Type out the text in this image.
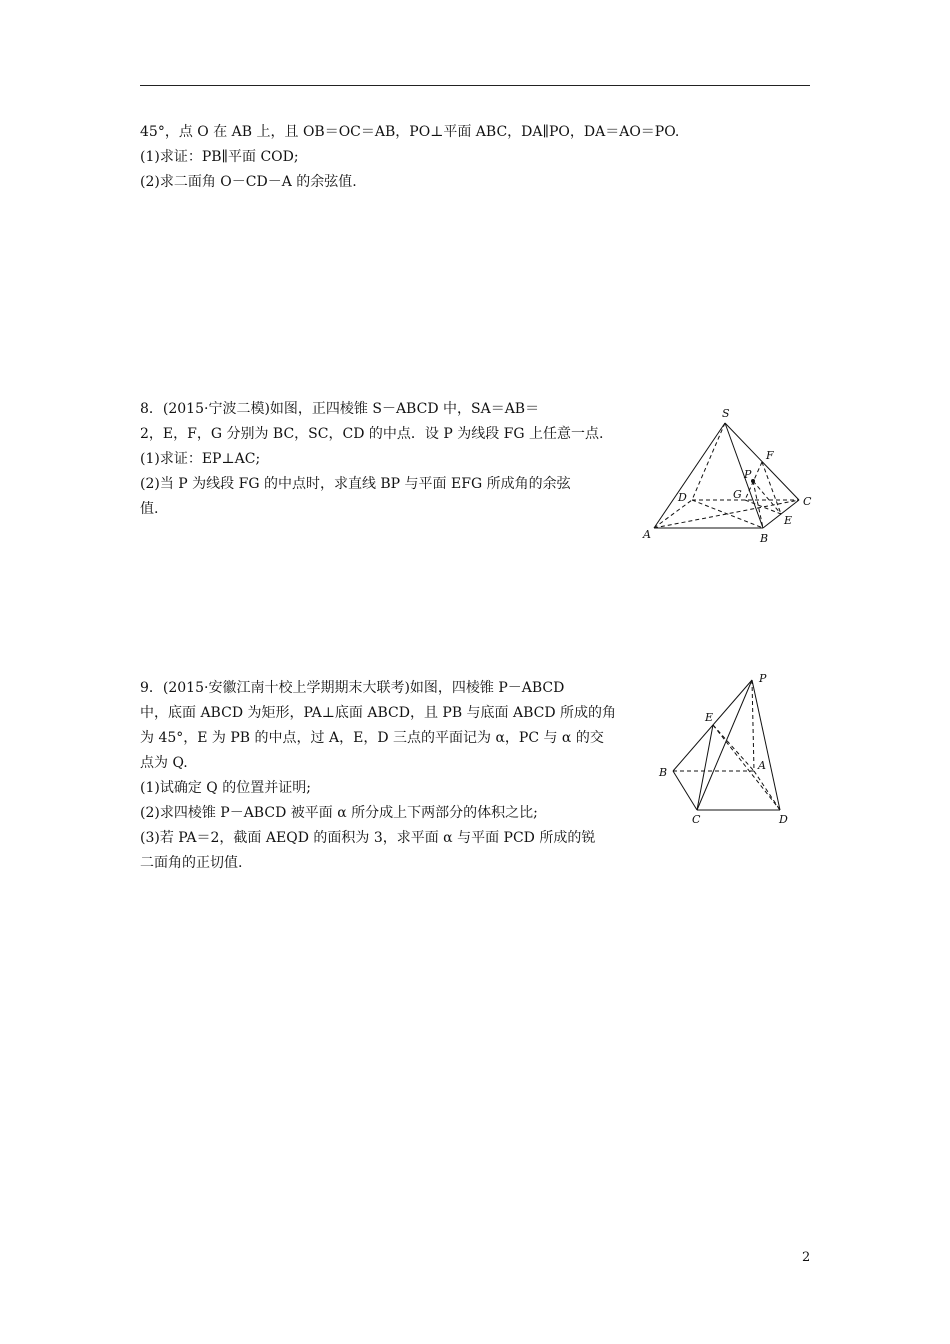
45°，点 O 在 AB 上，且 OB＝OC＝AB，PO⊥平面 ABC，DA∥PO，DA＝AO＝PO.

(1)求证：PB∥平面 COD;

(2)求二面角 O－CD－A 的余弦值.

8．(2015·宁波二模)如图，正四棱锥 S－ABCD 中，SA＝AB＝

2，E，F，G 分别为 BC，SC，CD 的中点．设 P 为线段 FG 上任意一点.

(1)求证：EP⊥AC;

(2)当 P 为线段 FG 的中点时，求直线 BP 与平面 EFG 所成角的余弦

值.

S
A	B
C
D
E
F
G
P

9．(2015·安徽江南十校上学期期末大联考)如图，四棱锥 P－ABCD

中，底面 ABCD 为矩形，PA⊥底面 ABCD，且 PB 与底面 ABCD 所成的角

为 45°，E 为 PB 的中点，过 A，E，D 三点的平面记为 α，PC 与 α 的交

点为 Q.

(1)试确定 Q 的位置并证明;

(2)求四棱锥 P－ABCD 被平面 α 所分成上下两部分的体积之比;

(3)若 PA＝2，截面 AEQD 的面积为 3，求平面 α 与平面 PCD 所成的锐

二面角的正切值.

P
E
A
B
C	D
2
